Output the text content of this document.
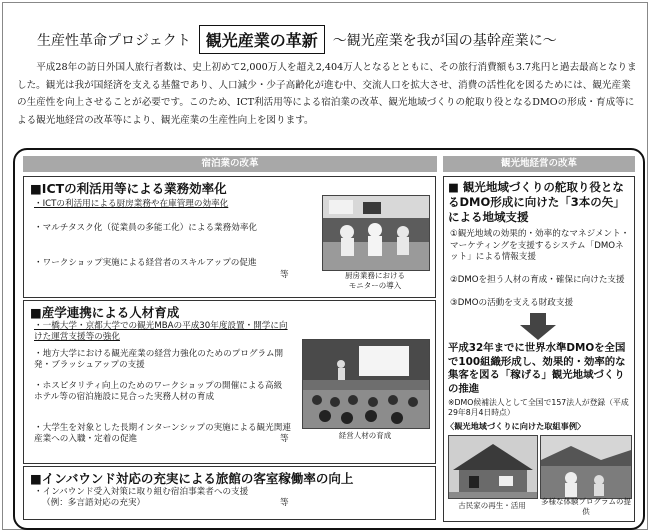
生産性革命プロジェクト 観光産業の革新	～観光産業を我が国の基幹産業に～
平成28年の訪日外国人旅行者数は、史上初めて2,000万人を超え2,404万人となるとともに、その旅行消費額も3.7兆円と過去最高となりました。観光は我が国経済を支える基盤であり、人口減少・少子高齢化が進む中、交流人口を拡大させ、消費の活性化を図るためには、観光産業の生産性を向上させることが必要です。このため、ICT利活用等による宿泊業の改革、観光地域づくりの舵取り役となるDMOの形成・育成等による観光地経営の改革等により、観光産業の生産性向上を図ります。
宿泊業の改革
■ICTの利活用等による業務効率化
・ICTの利活用による厨房業務や在庫管理の効率化
・マルチタスク化（従業員の多能工化）による業務効率化
・ワークショップ実施による経営者のスキルアップの促進
等	厨房業務における
モニターの導入
■産学連携による人材育成
・一橋大学・京都大学での観光MBAの平成30年度設置・開学に向けた運営支援等の強化
・地方大学における観光産業の経営力強化のためのプログラム開発・ブラッシュアップの支援
・ホスピタリティ向上のためのワークショップの開催による高級ホテル等の宿泊施設に見合った実務人材の育成
・大学生を対象とした長期インターンシップの実施による観光関連産業への入職・定着の促進	等	経営人材の育成
■インバウンド対応の充実による旅館の客室稼働率の向上
・インバウンド受入対策に取り組む宿泊事業者への支援
（例：多言語対応の充実）	等
観光地経営の改革
■ 観光地域づくりの舵取り役となるDMO形成に向けた「3本の矢」による地域支援
①観光地域の効果的・効率的なマネジメント・マーケティングを支援するシステム「DMOネット」による情報支援
②DMOを担う人材の育成・確保に向けた支援
③DMOの活動を支える財政支援
平成32年までに世界水準DMOを全国で100組織形成し、効果的・効率的な集客を図る「稼げる」観光地域づくりの推進
※DMO候補法人として全国で157法人が登録（平成29年8月4日時点）
〈観光地域づくりに向けた取組事例〉
古民家の再生・活用	多様な体験プログラムの提供
